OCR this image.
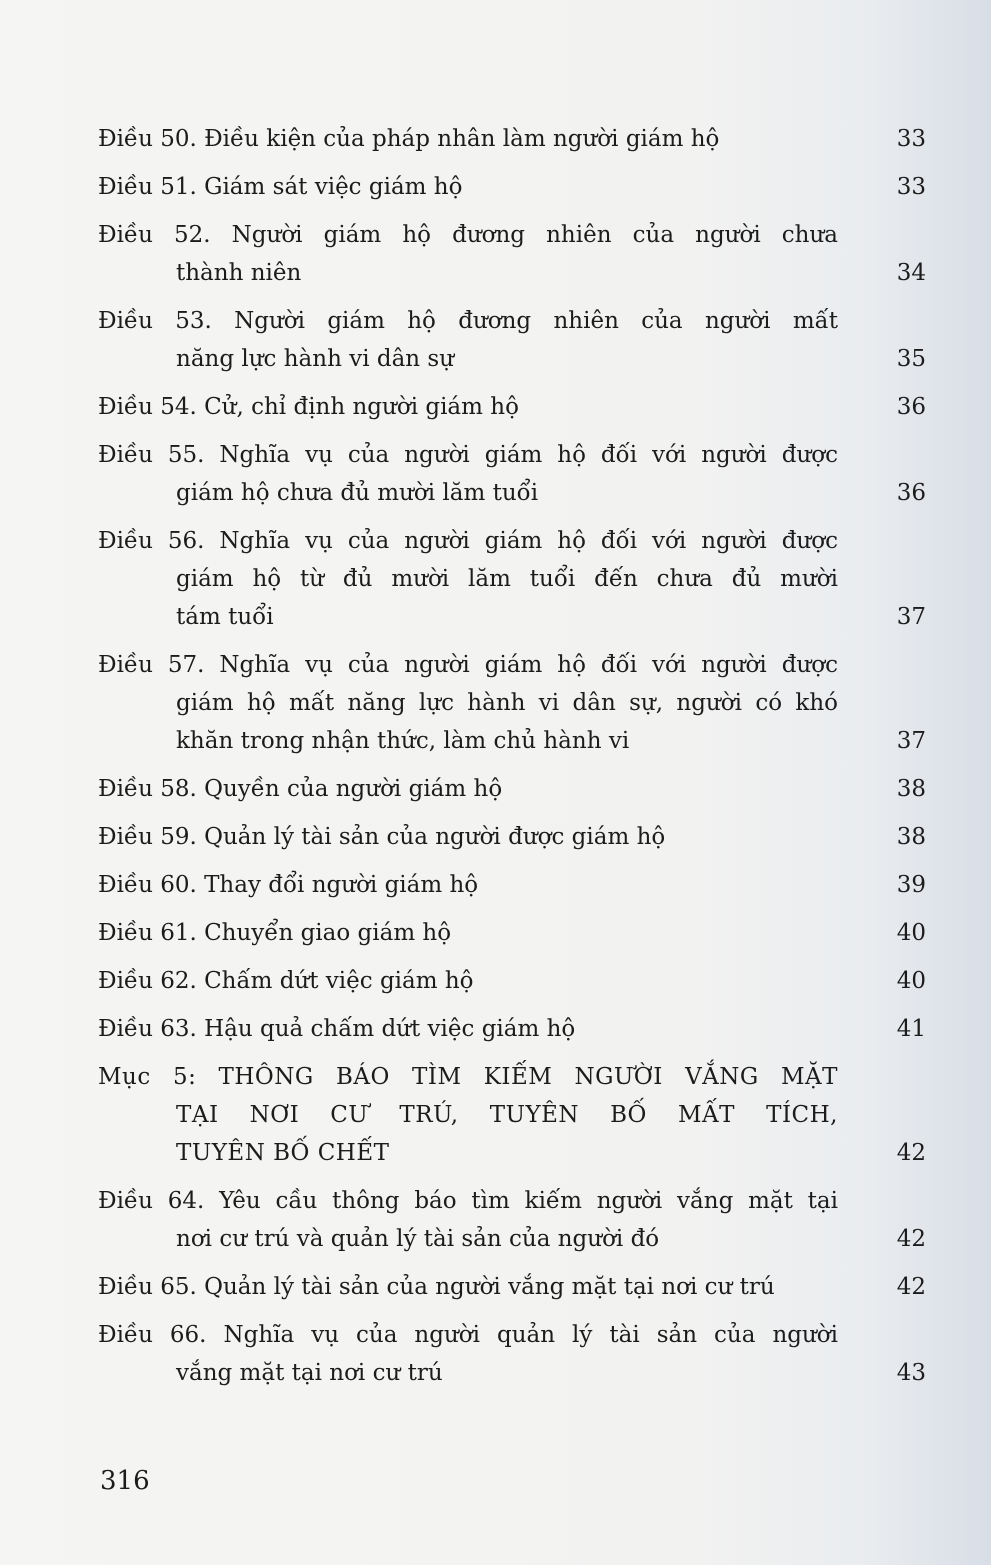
Điều 50. Điều kiện của pháp nhân làm người giám hộ	33
Điều 51. Giám sát việc giám hộ	33
Điều 52. Người giám hộ đương nhiên của người chưa
thành niên	34
Điều 53. Người giám hộ đương nhiên của người mất
năng lực hành vi dân sự	35
Điều 54. Cử, chỉ định người giám hộ	36
Điều 55. Nghĩa vụ của người giám hộ đối với người được
giám hộ chưa đủ mười lăm tuổi	36
Điều 56. Nghĩa vụ của người giám hộ đối với người được
giám hộ từ đủ mười lăm tuổi đến chưa đủ mười
tám tuổi	37
Điều 57. Nghĩa vụ của người giám hộ đối với người được
giám hộ mất năng lực hành vi dân sự, người có khó
khăn trong nhận thức, làm chủ hành vi	37
Điều 58. Quyền của người giám hộ	38
Điều 59. Quản lý tài sản của người được giám hộ	38
Điều 60. Thay đổi người giám hộ	39
Điều 61. Chuyển giao giám hộ	40
Điều 62. Chấm dứt việc giám hộ	40
Điều 63. Hậu quả chấm dứt việc giám hộ	41
Mục 5: THÔNG BÁO TÌM KIẾM NGƯỜI VẮNG MẶT
TẠI NƠI CƯ TRÚ, TUYÊN BỐ MẤT TÍCH,
TUYÊN BỐ CHẾT	42
Điều 64. Yêu cầu thông báo tìm kiếm người vắng mặt tại
nơi cư trú và quản lý tài sản của người đó	42
Điều 65. Quản lý tài sản của người vắng mặt tại nơi cư trú	42
Điều 66. Nghĩa vụ của người quản lý tài sản của người
vắng mặt tại nơi cư trú	43
316
